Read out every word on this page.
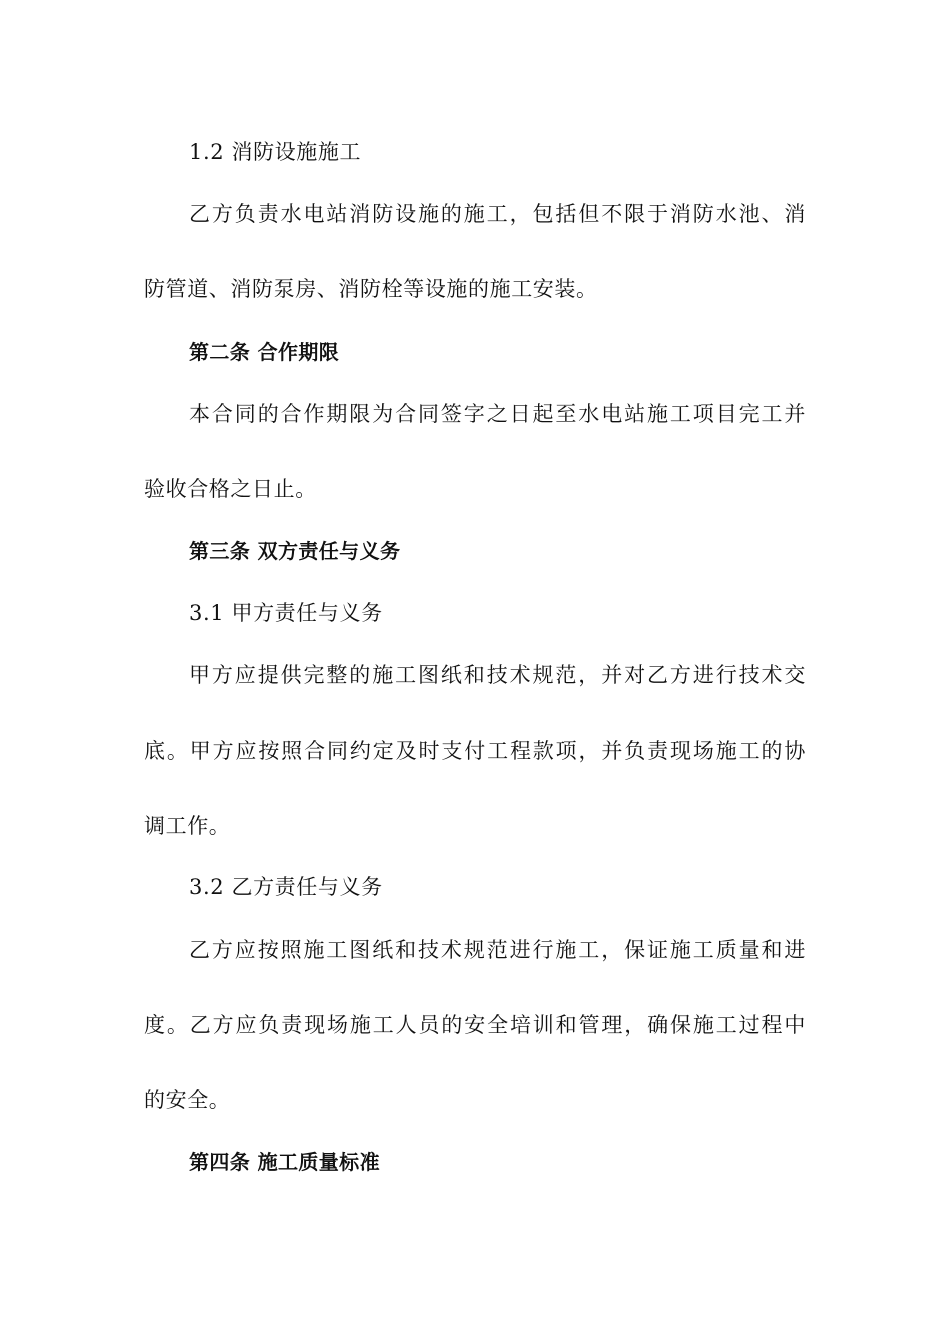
1.2 消防设施施工
乙方负责水电站消防设施的施工，包括但不限于消防水池、消
防管道、消防泵房、消防栓等设施的施工安装。
第二条 合作期限
本合同的合作期限为合同签字之日起至水电站施工项目完工并
验收合格之日止。
第三条 双方责任与义务
3.1 甲方责任与义务
甲方应提供完整的施工图纸和技术规范，并对乙方进行技术交
底。甲方应按照合同约定及时支付工程款项，并负责现场施工的协
调工作。
3.2 乙方责任与义务
乙方应按照施工图纸和技术规范进行施工，保证施工质量和进
度。乙方应负责现场施工人员的安全培训和管理，确保施工过程中
的安全。
第四条 施工质量标准
